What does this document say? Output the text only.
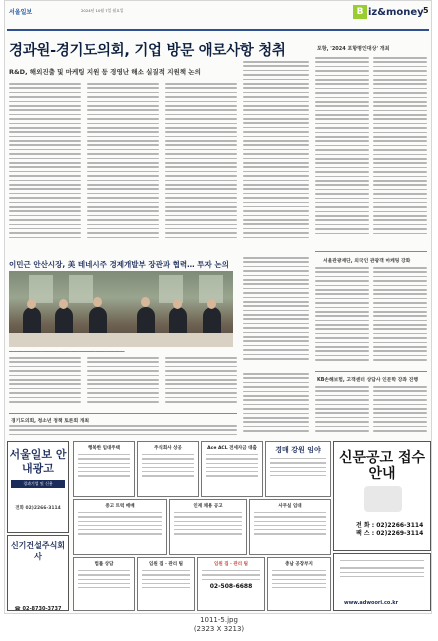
서울일보	2024년 10월 7일 월요일	B iz&money 5
경과원-경기도의회, 기업 방문 애로사항 청취
R&D, 해외진출 및 마케팅 지원 등 경영난 해소 실질적 지원책 논의
포항, '2024 포항명인대상' 개최
이민근 안산시장, 美 테네시주 경제개발부 장관과 협력… 투자 논의
━━━━━━━━━━━━━━━━━━━━━━━━━━━━━━━━━━━━━━━━━━━━━━━━
서울관광재단, 외국인 관광객 마케팅 강화
경기도의회, 청소년 정책 토론회 개최
KB손해보험, 고객센터 상담사 인문학 강좌 진행
서울일보 안내광고
경과기업 및 신용
전화 02)2266-3114
신기건설주식회사
☎ 02-8730-3737
행복한 임대주택	주식회사 상공	Ace ACL 전세자금 대출	경매 강원 임야
중고 트럭 매매	인재 채용 공고	사무실 임대
법률 상담	임원 집 · 관리 팀	임원 집 · 관리 팀
02-508-6688
충남 공장부지
신문공고 접수안내
전 화 : 02)2266-3114
팩 스 : 02)2269-3114
www.adwoori.co.kr
1011-5.jpg
(2323 X 3213)
